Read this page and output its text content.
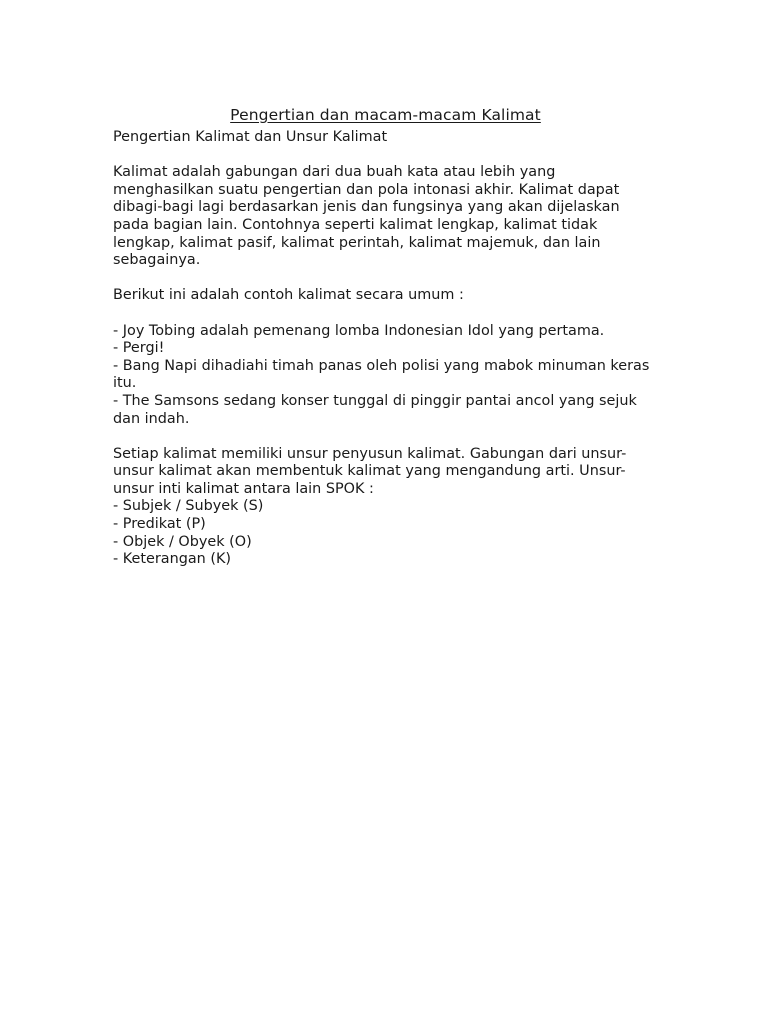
Pengertian dan macam-macam Kalimat

Pengertian Kalimat dan Unsur Kalimat

Kalimat adalah gabungan dari dua buah kata atau lebih yang menghasilkan suatu pengertian dan pola intonasi akhir. Kalimat dapat dibagi-bagi lagi berdasarkan jenis dan fungsinya yang akan dijelaskan pada bagian lain. Contohnya seperti kalimat lengkap, kalimat tidak lengkap, kalimat pasif, kalimat perintah, kalimat majemuk, dan lain sebagainya.

Berikut ini adalah contoh kalimat secara umum :

- Joy Tobing adalah pemenang lomba Indonesian Idol yang pertama.
- Pergi!
- Bang Napi dihadiahi timah panas oleh polisi yang mabok minuman keras itu.
- The Samsons sedang konser tunggal di pinggir pantai ancol yang sejuk dan indah.

Setiap kalimat memiliki unsur penyusun kalimat. Gabungan dari unsur-unsur kalimat akan membentuk kalimat yang mengandung arti. Unsur-unsur inti kalimat antara lain SPOK :

- Subjek / Subyek (S)
- Predikat (P)
- Objek / Obyek (O)
- Keterangan (K)
